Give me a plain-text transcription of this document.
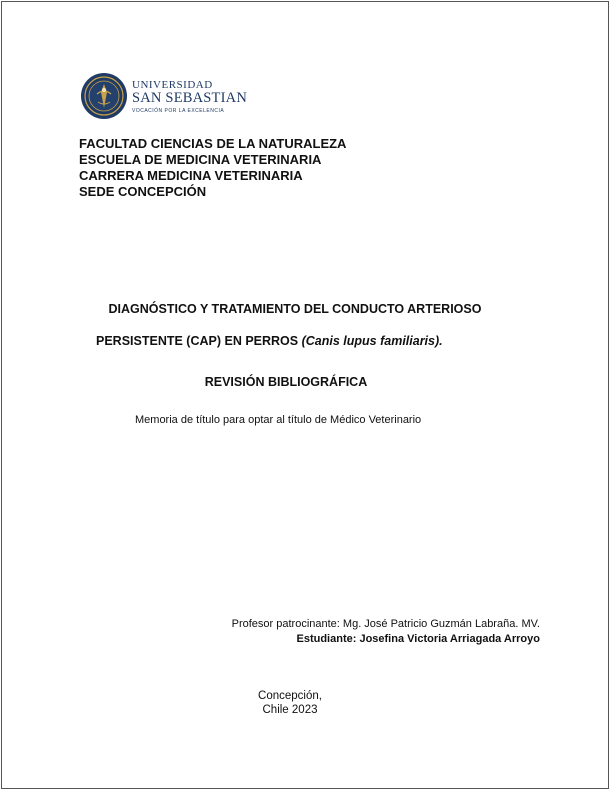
UNIVERSIDAD
SAN SEBASTIAN
VOCACIÓN POR LA EXCELENCIA
FACULTAD CIENCIAS DE LA NATURALEZA
ESCUELA DE MEDICINA VETERINARIA
CARRERA MEDICINA VETERINARIA
SEDE CONCEPCIÓN
DIAGNÓSTICO Y TRATAMIENTO DEL CONDUCTO ARTERIOSO
PERSISTENTE (CAP) EN PERROS (Canis lupus familiaris).
REVISIÓN BIBLIOGRÁFICA
Memoria de título para optar al título de Médico Veterinario
Profesor patrocinante: Mg. José Patricio Guzmán Labraña. MV.
Estudiante: Josefina Victoria Arriagada Arroyo
Concepción,
Chile 2023
